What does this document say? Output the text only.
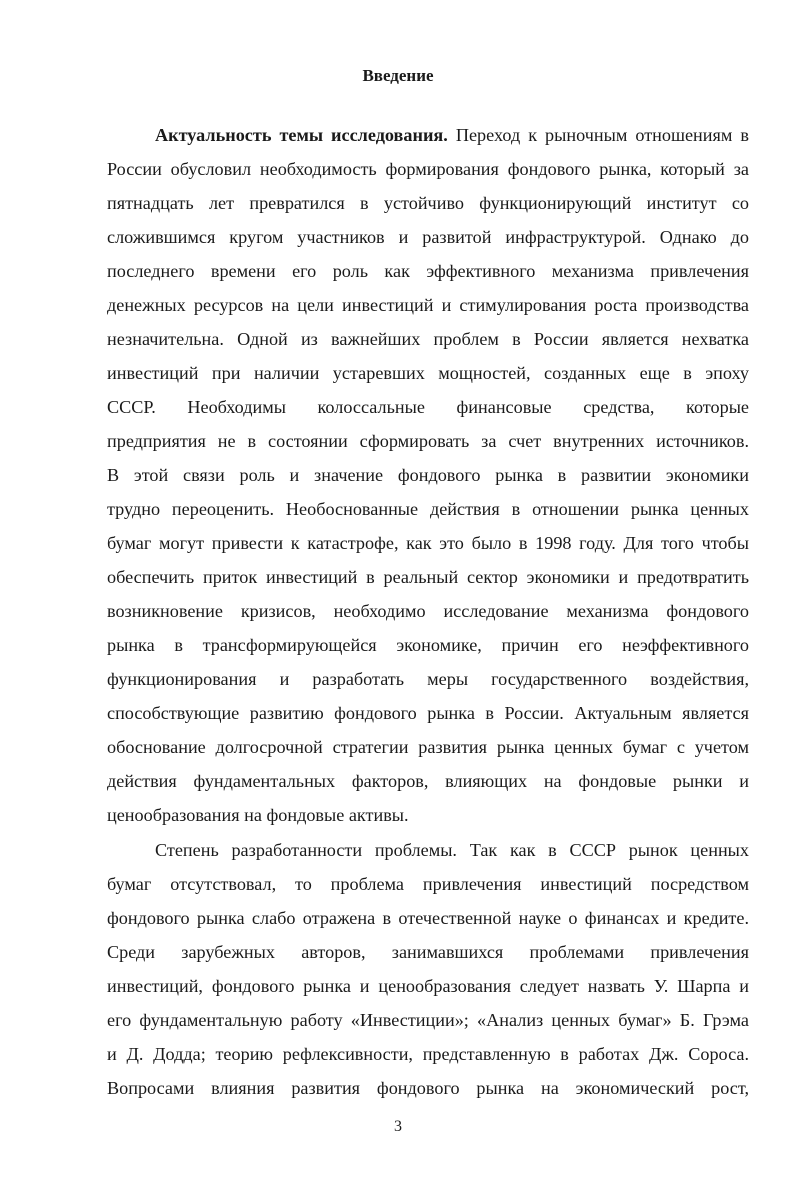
Введение
Актуальность темы исследования. Переход к рыночным отношениям в
России обусловил необходимость формирования фондового рынка, который за
пятнадцать лет превратился в устойчиво функционирующий институт со
сложившимся кругом участников и развитой инфраструктурой. Однако до
последнего времени его роль как эффективного механизма привлечения
денежных ресурсов на цели инвестиций и стимулирования роста производства
незначительна. Одной из важнейших проблем в России является нехватка
инвестиций при наличии устаревших мощностей, созданных еще в эпоху
СССР. Необходимы колоссальные финансовые средства, которые
предприятия не в состоянии сформировать за счет внутренних источников.
В этой связи роль и значение фондового рынка в развитии экономики
трудно переоценить. Необоснованные действия в отношении рынка ценных
бумаг могут привести к катастрофе, как это было в 1998 году. Для того чтобы
обеспечить приток инвестиций в реальный сектор экономики и предотвратить
возникновение кризисов, необходимо исследование механизма фондового
рынка в трансформирующейся экономике, причин его неэффективного
функционирования и разработать меры государственного воздействия,
способствующие развитию фондового рынка в России. Актуальным является
обоснование долгосрочной стратегии развития рынка ценных бумаг с учетом
действия фундаментальных факторов, влияющих на фондовые рынки и
ценообразования на фондовые активы.
Степень разработанности проблемы. Так как в СССР рынок ценных
бумаг отсутствовал, то проблема привлечения инвестиций посредством
фондового рынка слабо отражена в отечественной науке о финансах и кредите.
Среди зарубежных авторов, занимавшихся проблемами привлечения
инвестиций, фондового рынка и ценообразования следует назвать У. Шарпа и
его фундаментальную работу «Инвестиции»; «Анализ ценных бумаг» Б. Грэма
и Д. Додда; теорию рефлексивности, представленную в работах Дж. Сороса.
Вопросами влияния развития фондового рынка на экономический рост,
3
